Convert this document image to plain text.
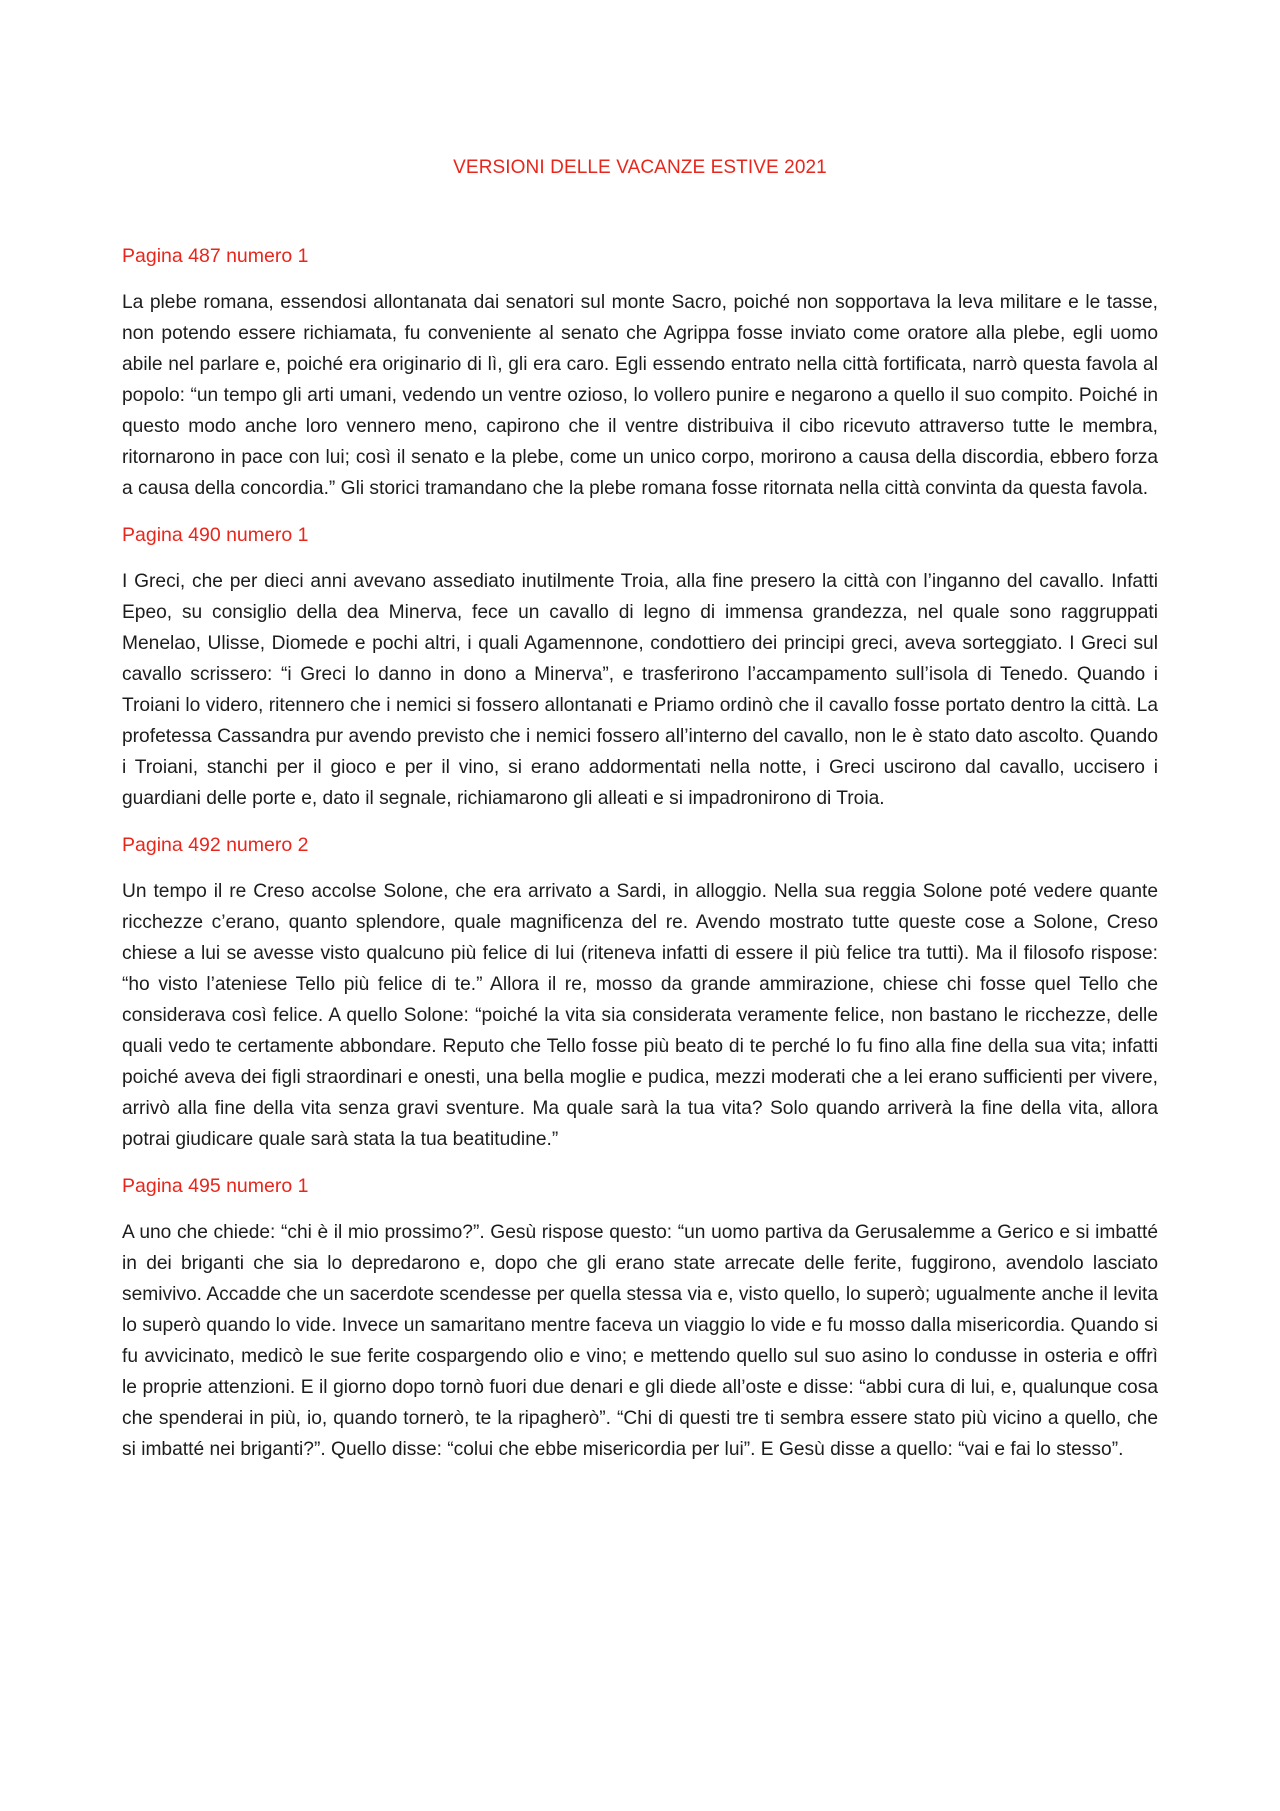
VERSIONI DELLE VACANZE ESTIVE 2021
Pagina 487 numero 1

La plebe romana, essendosi allontanata dai senatori sul monte Sacro, poiché non sopportava la leva militare e le tasse, non potendo essere richiamata, fu conveniente al senato che Agrippa fosse inviato come oratore alla plebe, egli uomo abile nel parlare e, poiché era originario di lì, gli era caro. Egli essendo entrato nella città fortificata, narrò questa favola al popolo: “un tempo gli arti umani, vedendo un ventre ozioso, lo vollero punire e negarono a quello il suo compito. Poiché in questo modo anche loro vennero meno, capirono che il ventre distribuiva il cibo ricevuto attraverso tutte le membra, ritornarono in pace con lui; così il senato e la plebe, come un unico corpo, morirono a causa della discordia, ebbero forza a causa della concordia.” Gli storici tramandano che la plebe romana fosse ritornata nella città convinta da questa favola.

Pagina 490 numero 1

I Greci, che per dieci anni avevano assediato inutilmente Troia, alla fine presero la città con l’inganno del cavallo. Infatti Epeo, su consiglio della dea Minerva, fece un cavallo di legno di immensa grandezza, nel quale sono raggruppati Menelao, Ulisse, Diomede e pochi altri, i quali Agamennone, condottiero dei principi greci, aveva sorteggiato. I Greci sul cavallo scrissero: “i Greci lo danno in dono a Minerva”, e trasferirono l’accampamento sull’isola di Tenedo. Quando i Troiani lo videro, ritennero che i nemici si fossero allontanati e Priamo ordinò che il cavallo fosse portato dentro la città. La profetessa Cassandra pur avendo previsto che i nemici fossero all’interno del cavallo, non le è stato dato ascolto. Quando i Troiani, stanchi per il gioco e per il vino, si erano addormentati nella notte, i Greci uscirono dal cavallo, uccisero i guardiani delle porte e, dato il segnale, richiamarono gli alleati e si impadronirono di Troia.

Pagina 492 numero 2

Un tempo il re Creso accolse Solone, che era arrivato a Sardi, in alloggio. Nella sua reggia Solone poté vedere quante ricchezze c’erano, quanto splendore, quale magnificenza del re. Avendo mostrato tutte queste cose a Solone, Creso chiese a lui se avesse visto qualcuno più felice di lui (riteneva infatti di essere il più felice tra tutti). Ma il filosofo rispose: “ho visto l’ateniese Tello più felice di te.” Allora il re, mosso da grande ammirazione, chiese chi fosse quel Tello che considerava così felice. A quello Solone: “poiché la vita sia considerata veramente felice, non bastano le ricchezze, delle quali vedo te certamente abbondare. Reputo che Tello fosse più beato di te perché lo fu fino alla fine della sua vita; infatti poiché aveva dei figli straordinari e onesti, una bella moglie e pudica, mezzi moderati che a lei erano sufficienti per vivere, arrivò alla fine della vita senza gravi sventure. Ma quale sarà la tua vita? Solo quando arriverà la fine della vita, allora potrai giudicare quale sarà stata la tua beatitudine.”

Pagina 495 numero 1

A uno che chiede: “chi è il mio prossimo?”. Gesù rispose questo: “un uomo partiva da Gerusalemme a Gerico e si imbatté in dei briganti che sia lo depredarono e, dopo che gli erano state arrecate delle ferite, fuggirono, avendolo lasciato semivivo. Accadde che un sacerdote scendesse per quella stessa via e, visto quello, lo superò; ugualmente anche il levita lo superò quando lo vide. Invece un samaritano mentre faceva un viaggio lo vide e fu mosso dalla misericordia. Quando si fu avvicinato, medicò le sue ferite cospargendo olio e vino; e mettendo quello sul suo asino lo condusse in osteria e offrì le proprie attenzioni. E il giorno dopo tornò fuori due denari e gli diede all’oste e disse: “abbi cura di lui, e, qualunque cosa che spenderai in più, io, quando tornerò, te la ripagherò”. “Chi di questi tre ti sembra essere stato più vicino a quello, che si imbatté nei briganti?”. Quello disse: “colui che ebbe misericordia per lui”. E Gesù disse a quello: “vai e fai lo stesso”.
